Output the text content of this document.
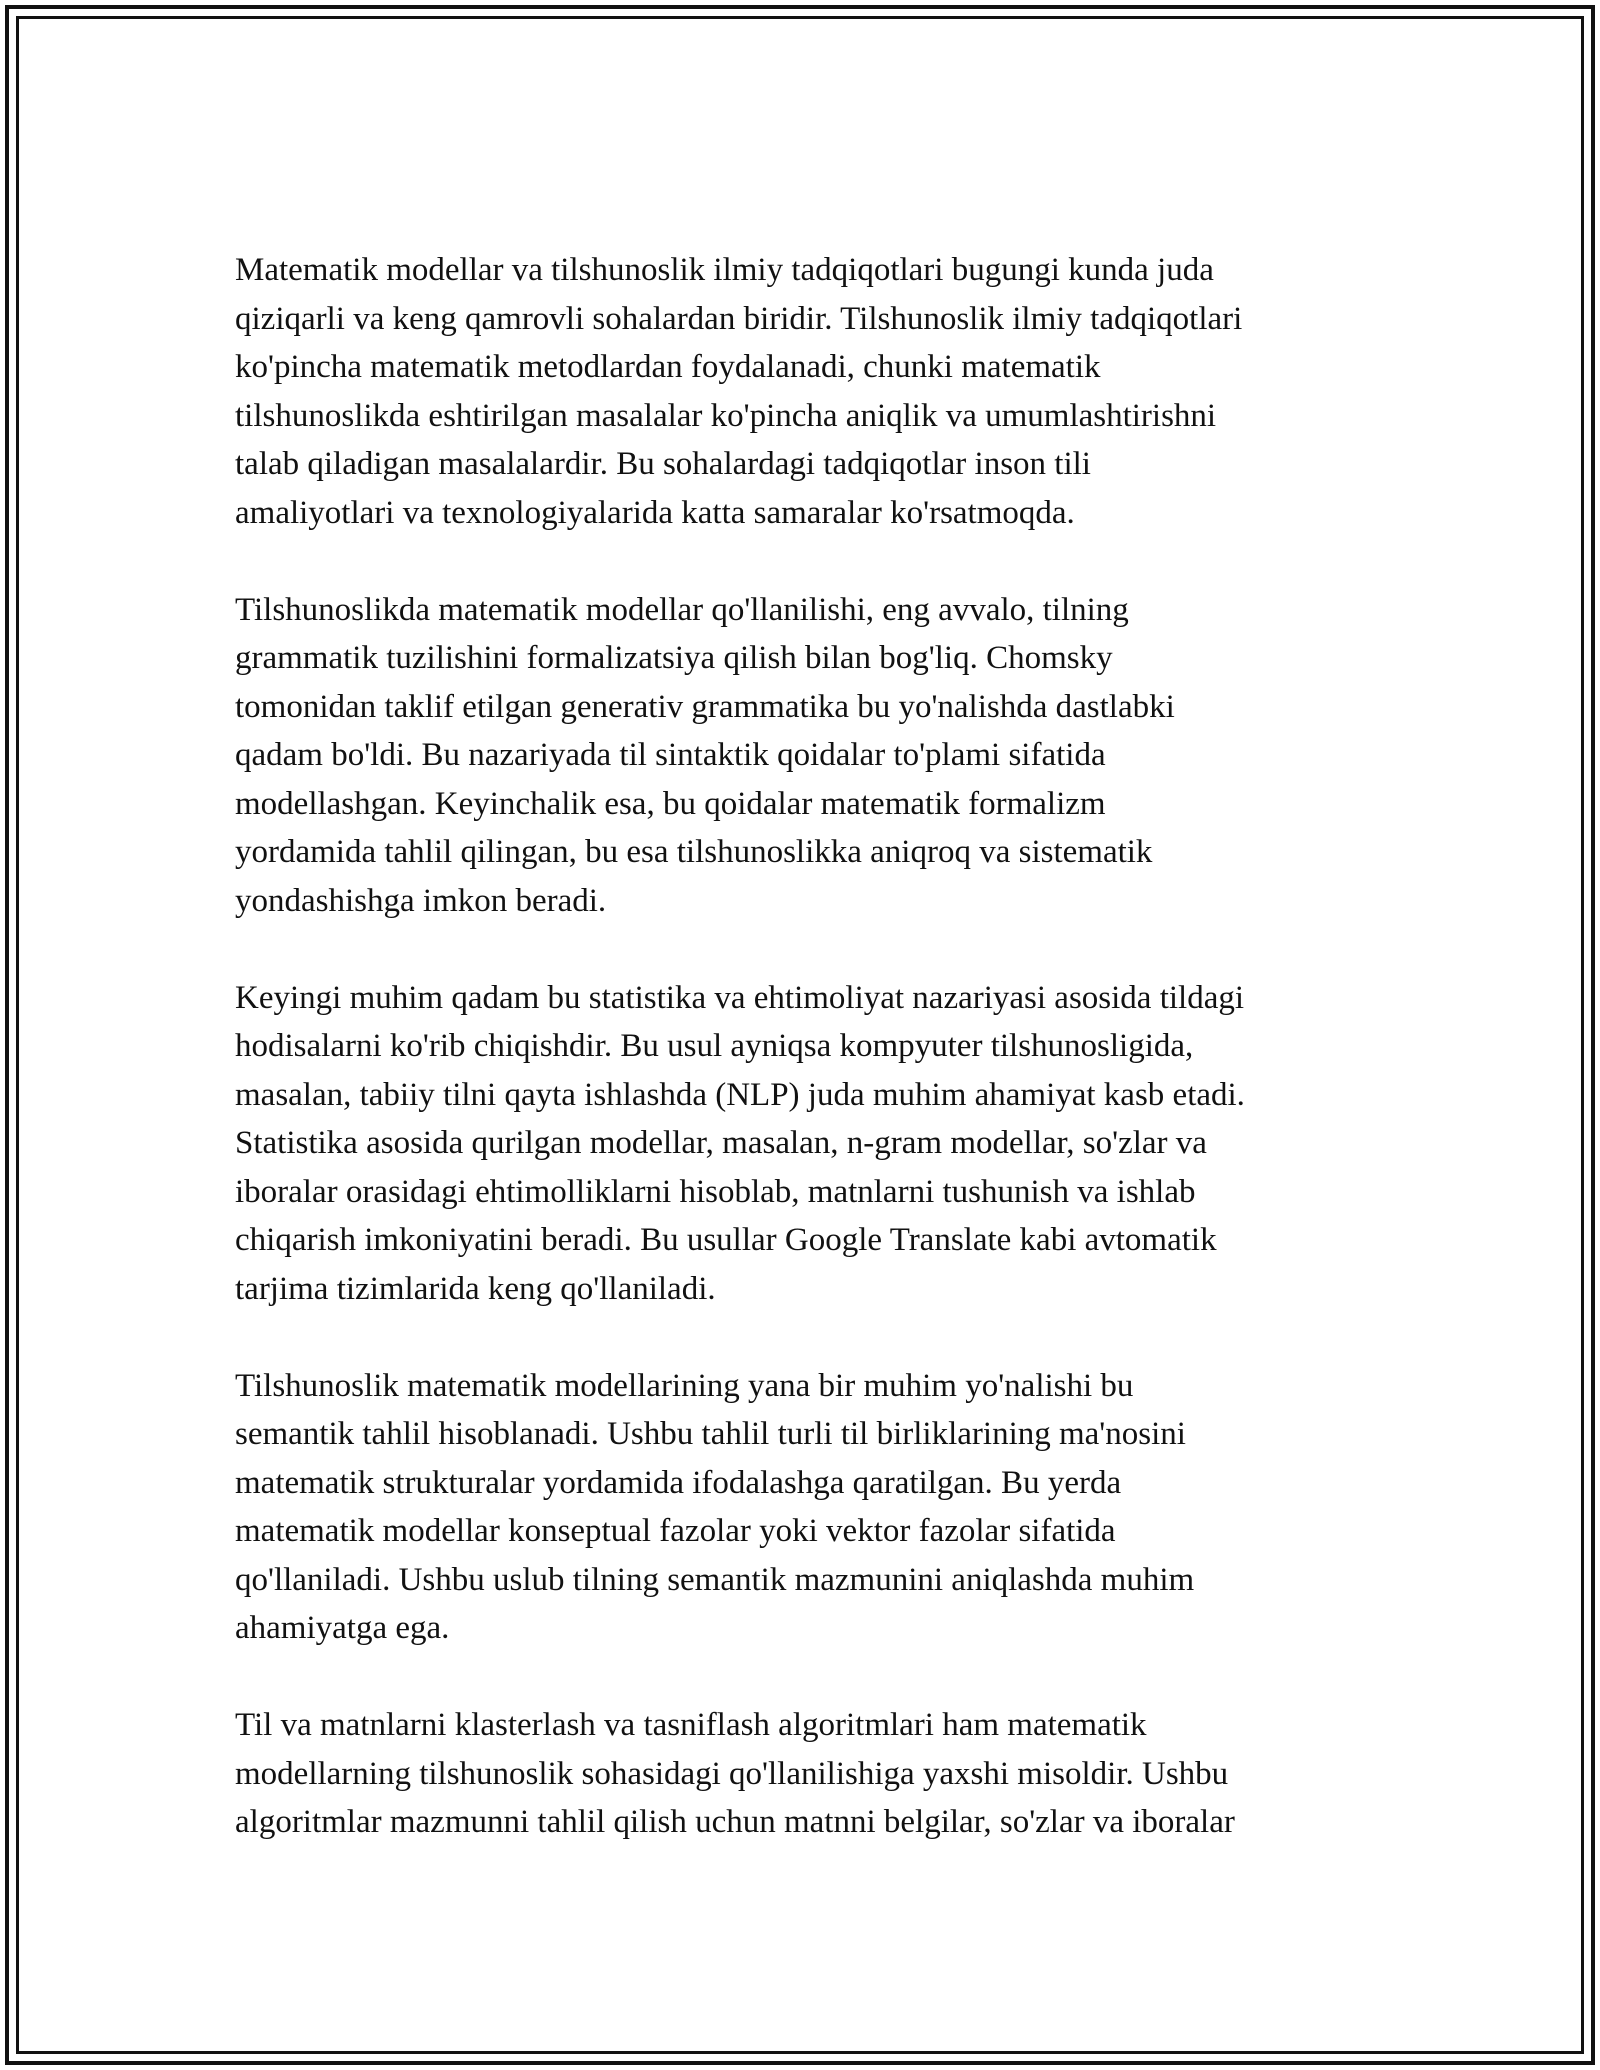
Matematik modellar va tilshunoslik ilmiy tadqiqotlari bugungi kunda juda
qiziqarli va keng qamrovli sohalardan biridir. Tilshunoslik ilmiy tadqiqotlari
ko'pincha matematik metodlardan foydalanadi, chunki matematik
tilshunoslikda eshtirilgan masalalar ko'pincha aniqlik va umumlashtirishni
talab qiladigan masalalardir. Bu sohalardagi tadqiqotlar inson tili
amaliyotlari va texnologiyalarida katta samaralar ko'rsatmoqda.

Tilshunoslikda matematik modellar qo'llanilishi, eng avvalo, tilning
grammatik tuzilishini formalizatsiya qilish bilan bog'liq. Chomsky
tomonidan taklif etilgan generativ grammatika bu yo'nalishda dastlabki
qadam bo'ldi. Bu nazariyada til sintaktik qoidalar to'plami sifatida
modellashgan. Keyinchalik esa, bu qoidalar matematik formalizm
yordamida tahlil qilingan, bu esa tilshunoslikka aniqroq va sistematik
yondashishga imkon beradi.

Keyingi muhim qadam bu statistika va ehtimoliyat nazariyasi asosida tildagi
hodisalarni ko'rib chiqishdir. Bu usul ayniqsa kompyuter tilshunosligida,
masalan, tabiiy tilni qayta ishlashda (NLP) juda muhim ahamiyat kasb etadi.
Statistika asosida qurilgan modellar, masalan, n-gram modellar, so'zlar va
iboralar orasidagi ehtimolliklarni hisoblab, matnlarni tushunish va ishlab
chiqarish imkoniyatini beradi. Bu usullar Google Translate kabi avtomatik
tarjima tizimlarida keng qo'llaniladi.

Tilshunoslik matematik modellarining yana bir muhim yo'nalishi bu
semantik tahlil hisoblanadi. Ushbu tahlil turli til birliklarining ma'nosini
matematik strukturalar yordamida ifodalashga qaratilgan. Bu yerda
matematik modellar konseptual fazolar yoki vektor fazolar sifatida
qo'llaniladi. Ushbu uslub tilning semantik mazmunini aniqlashda muhim
ahamiyatga ega.

Til va matnlarni klasterlash va tasniflash algoritmlari ham matematik
modellarning tilshunoslik sohasidagi qo'llanilishiga yaxshi misoldir. Ushbu
algoritmlar mazmunni tahlil qilish uchun matnni belgilar, so'zlar va iboralar
